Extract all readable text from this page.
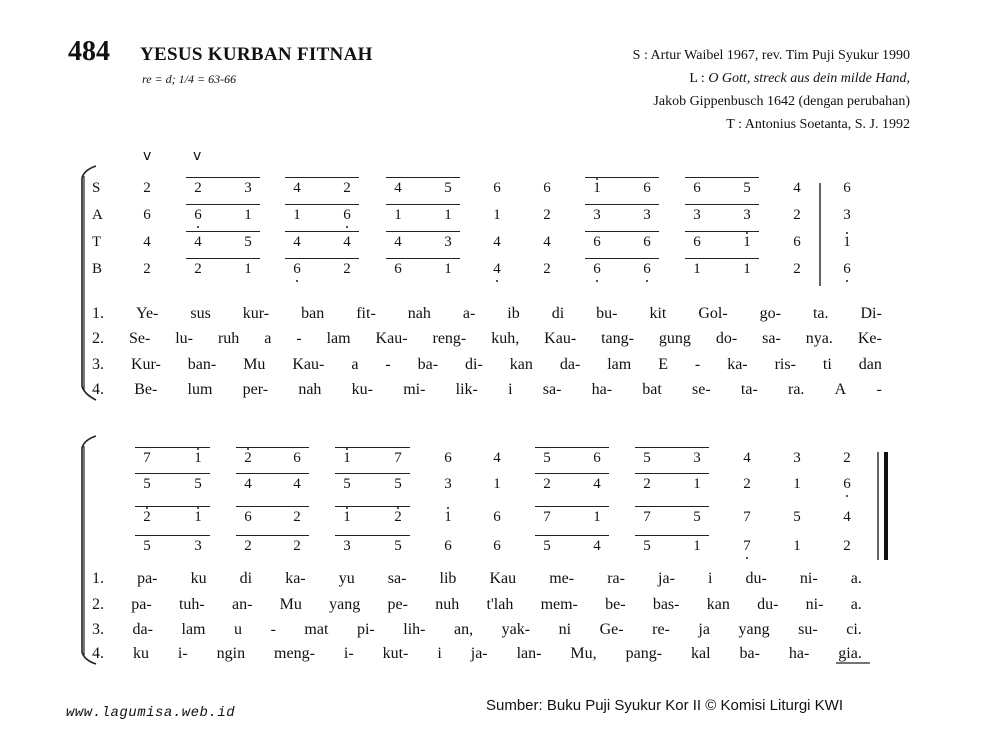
484 YESUS KURBAN FITNAH
re = d; 1/4 = 63-66
S : Artur Waibel 1967, rev. Tim Puji Syukur 1990
L : O Gott, streck aus dein milde Hand,
Jakob Gippenbusch 1642 (dengan perubahan)
T : Antonius Soetanta, S. J. 1992
v	v
S
A
T
B
2	2	3	4	2	4	5	6	6	1	6	6	5	4	6
6	6	1	1	6	1	1	1	2	3	3	3	3	2	3
4	4	5	4	4	4	3	4	4	6	6	6	1	6	1
2	2	1	6	2	6	1	4	2	6	6	1	1	2	6
1. Ye- sus kur- ban fit- nah a- ib di bu- kit Gol- go- ta. Di-
2. Se- lu- ruh a - lam Kau- reng- kuh, Kau- tang- gung do- sa- nya. Ke-
3. Kur- ban- Mu Kau- a - ba- di- kan da- lam E - ka- ris- ti dan
4. Be- lum per- nah ku- mi- lik- i sa- ha- bat se- ta- ra. A -
7	1	2	6	1	7	6	4	5	6	5	3	4	3	2
5	5	4	4	5	5	3	1	2	4	2	1	2	1	6
2	1	6	2	1	2	1	6	7	1	7	5	7	5	4
5	3	2	2	3	5	6	6	5	4	5	1	7	1	2
1. pa- ku di ka- yu sa- lib Kau me- ra- ja- i du- ni- a.
2. pa- tuh- an- Mu yang pe- nuh t'lah mem- be- bas- kan du- ni- a.
3. da- lam u - mat pi- lih- an, yak- ni Ge- re- ja yang su- ci.
4. ku i- ngin meng- i- kut- i ja- lan- Mu, pang- kal ba- ha- gia.
www.lagumisa.web.id	Sumber: Buku Puji Syukur Kor II © Komisi Liturgi KWI
